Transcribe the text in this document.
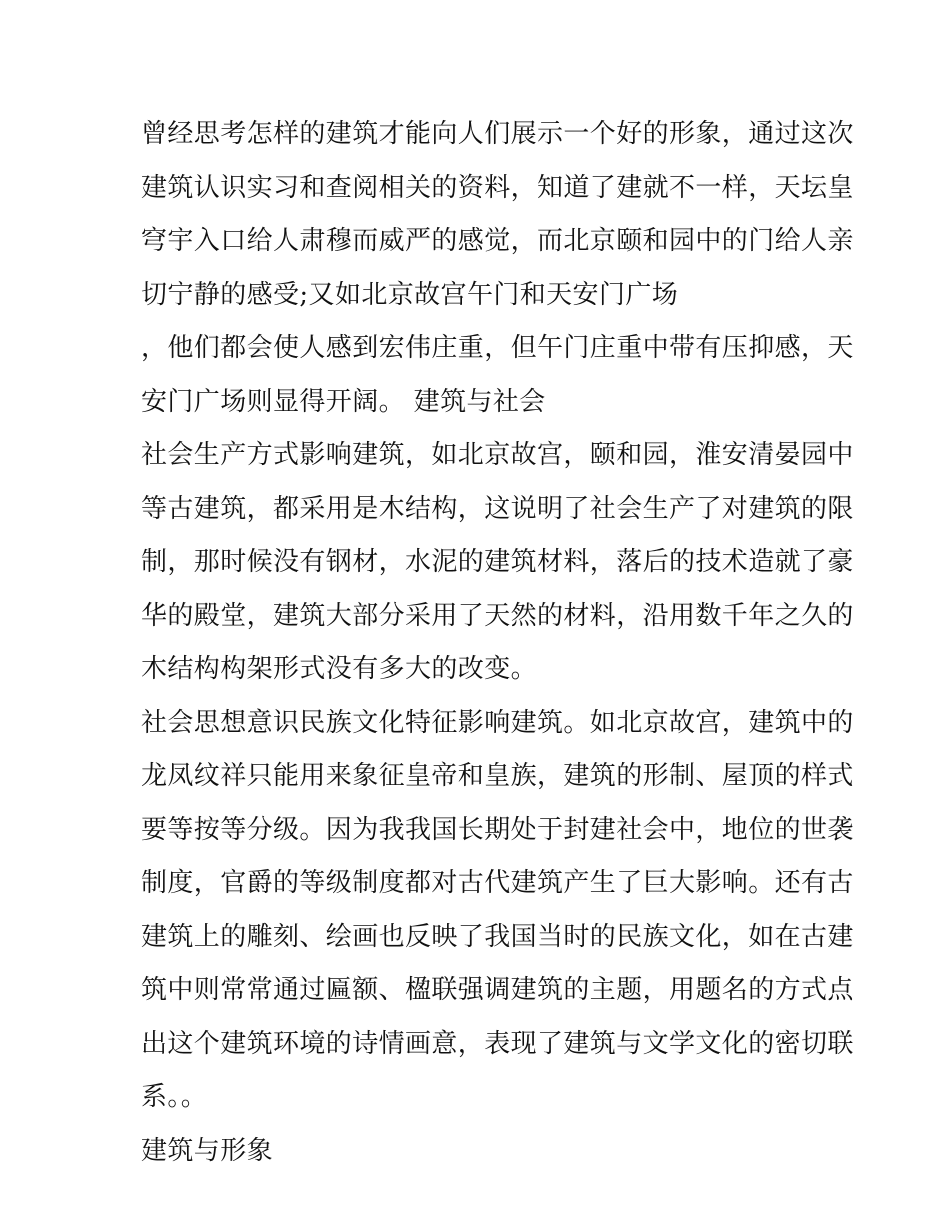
曾经思考怎样的建筑才能向人们展示一个好的形象，通过这次
建筑认识实习和查阅相关的资料，知道了建就不一样，天坛皇
穹宇入口给人肃穆而威严的感觉，而北京颐和园中的门给人亲
切宁静的感受;又如北京故宫午门和天安门广场
，他们都会使人感到宏伟庄重，但午门庄重中带有压抑感，天
安门广场则显得开阔。 建筑与社会
社会生产方式影响建筑，如北京故宫，颐和园，淮安清晏园中
等古建筑，都采用是木结构，这说明了社会生产了对建筑的限
制，那时候没有钢材，水泥的建筑材料，落后的技术造就了豪
华的殿堂，建筑大部分采用了天然的材料，沿用数千年之久的
木结构构架形式没有多大的改变。
社会思想意识民族文化特征影响建筑。如北京故宫，建筑中的
龙凤纹祥只能用来象征皇帝和皇族，建筑的形制、屋顶的样式
要等按等分级。因为我我国长期处于封建社会中，地位的世袭
制度，官爵的等级制度都对古代建筑产生了巨大影响。还有古
建筑上的雕刻、绘画也反映了我国当时的民族文化，如在古建
筑中则常常通过匾额、楹联强调建筑的主题，用题名的方式点
出这个建筑环境的诗情画意，表现了建筑与文学文化的密切联
系。。
建筑与形象
